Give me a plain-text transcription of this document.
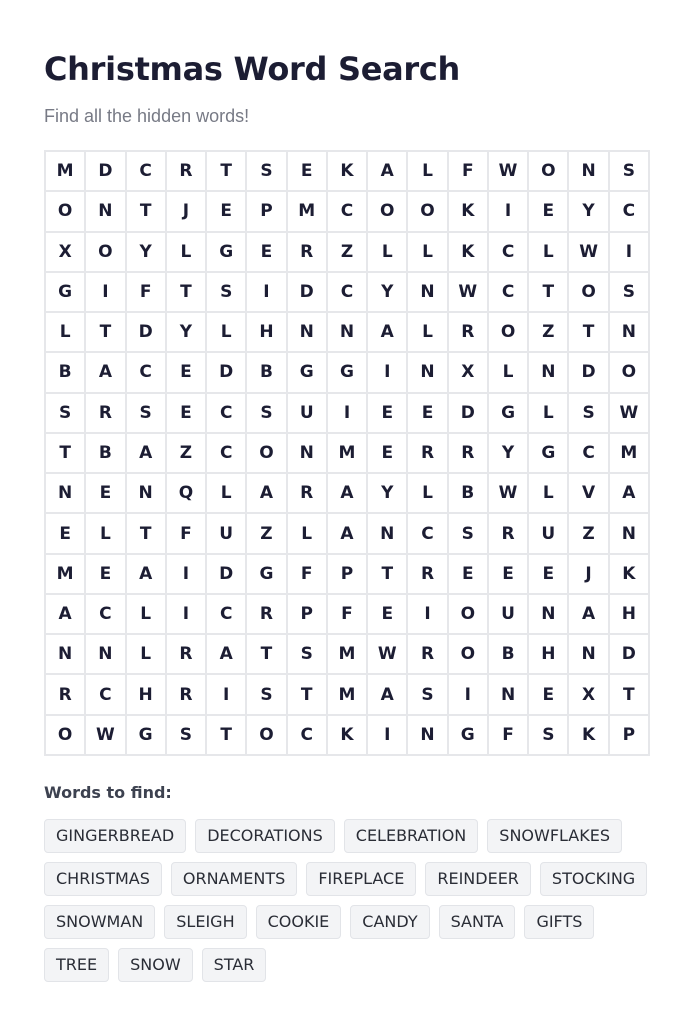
Christmas Word Search

Find all the hidden words!

M	D	C	R	T	S	E	K	A	L	F	W	O	N	S
O	N	T	J	E	P	M	C	O	O	K	I	E	Y	C
X	O	Y	L	G	E	R	Z	L	L	K	C	L	W	I
G	I	F	T	S	I	D	C	Y	N	W	C	T	O	S
L	T	D	Y	L	H	N	N	A	L	R	O	Z	T	N
B	A	C	E	D	B	G	G	I	N	X	L	N	D	O
S	R	S	E	C	S	U	I	E	E	D	G	L	S	W
T	B	A	Z	C	O	N	M	E	R	R	Y	G	C	M
N	E	N	Q	L	A	R	A	Y	L	B	W	L	V	A
E	L	T	F	U	Z	L	A	N	C	S	R	U	Z	N
M	E	A	I	D	G	F	P	T	R	E	E	E	J	K
A	C	L	I	C	R	P	F	E	I	O	U	N	A	H
N	N	L	R	A	T	S	M	W	R	O	B	H	N	D
R	C	H	R	I	S	T	M	A	S	I	N	E	X	T
O	W	G	S	T	O	C	K	I	N	G	F	S	K	P
Words to find:
GINGERBREAD	DECORATIONS	CELEBRATION	SNOWFLAKES
CHRISTMAS	ORNAMENTS	FIREPLACE	REINDEER	STOCKING
SNOWMAN	SLEIGH	COOKIE	CANDY	SANTA	GIFTS
TREE	SNOW	STAR
